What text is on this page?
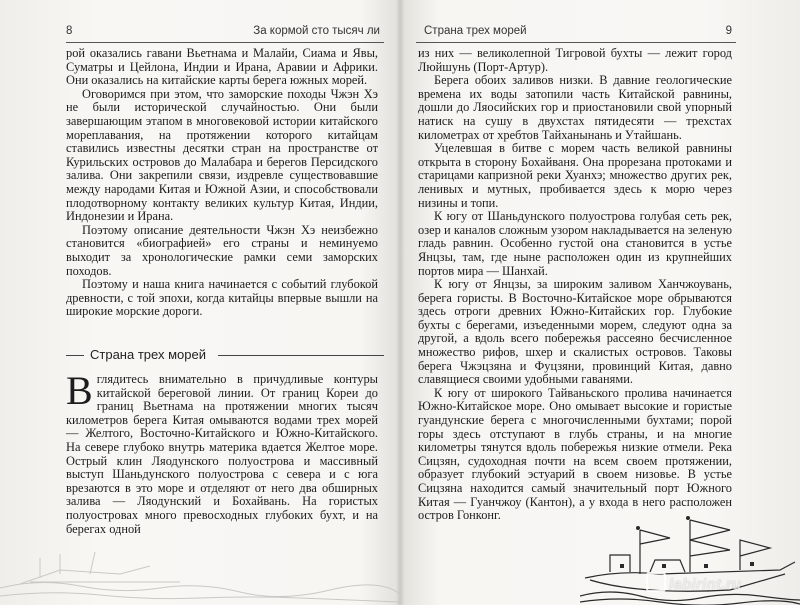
8	За кормой сто тысяч ли

рой оказались гавани Вьетнама и Малайи, Сиама и Явы, Суматры и Цейлона, Индии и Ирана, Аравии и Африки. Они оказались на китайские карты берега южных морей.

Оговоримся при этом, что заморские походы Чжэн Хэ не были исторической случайностью. Они были завершающим этапом в многовековой истории китайского мореплавания, на протяжении которого китайцам ставились известны десятки стран на пространстве от Курильских островов до Малабара и берегов Персидского залива. Они закрепили связи, издревле существовавшие между народами Китая и Южной Азии, и способствовали плодотворному контакту великих культур Китая, Индии, Индонезии и Ирана.

Поэтому описание деятельности Чжэн Хэ неизбежно становится «биографией» его страны и неминуемо выходит за хронологические рамки семи заморских походов.

Поэтому и наша книга начинается с событий глубокой древности, с той эпохи, когда китайцы впервые вышли на широкие морские дороги.

Страна трех морей
В глядитесь внимательно в причудливые контуры китайской береговой линии. От границ Кореи до границ Вьетнама на протяжении многих тысяч километров берега Китая омываются водами трех морей — Желтого, Восточно-Китайского и Южно-Китайского. На севере глубоко внутрь материка вдается Желтое море. Острый клин Ляодунского полуострова и массивный выступ Шаньдунского полуострова с севера и с юга врезаются в это море и отделяют от него два обширных залива — Ляодунский и Бохайвань. На гористых полуостровах много превосходных глубоких бухт, и на берегах одной

Страна трех морей	9

из них — великолепной Тигровой бухты — лежит город Люйшунь (Порт-Артур).

Берега обоих заливов низки. В давние геологические времена их воды затопили часть Китайской равнины, дошли до Ляосийских гор и приостановили свой упорный натиск на сушу в двухстах пятидесяти — трехстах километрах от хребтов Тайханынань и Утайшань.

Уцелевшая в битве с морем часть великой равнины открыта в сторону Бохайваня. Она прорезана протоками и старицами капризной реки Хуанхэ; множество других рек, ленивых и мутных, пробивается здесь к морю через низины и топи.

К югу от Шаньдунского полуострова голубая сеть рек, озер и каналов сложным узором накладывается на зеленую гладь равнин. Особенно густой она становится в устье Янцзы, там, где ныне расположен один из крупнейших портов мира — Шанхай.

К югу от Янцзы, за широким заливом Ханчжоувань, берега гористы. В Восточно-Китайское море обрываются здесь отроги древних Южно-Китайских гор. Глубокие бухты с берегами, изъеденными морем, следуют одна за другой, а вдоль всего побережья рассеяно бесчисленное множество рифов, шхер и скалистых островов. Таковы берега Чжэцзяна и Фуцзяни, провинций Китая, давно славящиеся своими удобными гаванями.

К югу от широкого Тайваньского пролива начинается Южно-Китайское море. Оно омывает высокие и гористые гуандунские берега с многочисленными бухтами; порой горы здесь отступают в глубь страны, и на многие километры тянутся вдоль побережья низкие отмели. Река Сицзян, судоходная почти на всем своем протяжении, образует глубокий эстуарий в своем низовье. В устье Сицзяна находится самый значительный порт Южного Китая — Гуанчжоу (Кантон), а у входа в него расположен остров Гонконг.

labirint.ru
